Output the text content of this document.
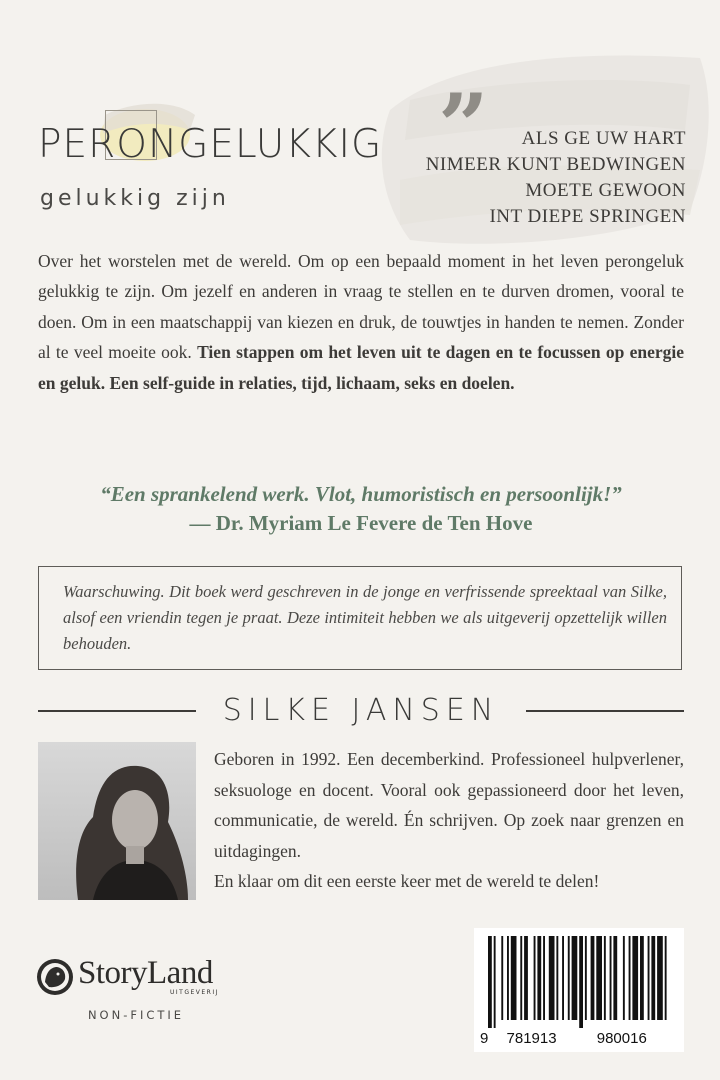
PERONGELUKKIG
gelukkig zijn
”	ALS GE UW HART
NIMEER KUNT BEDWINGEN
MOETE GEWOON
INT DIEPE SPRINGEN
Over het worstelen met de wereld. Om op een bepaald moment in het leven perongeluk gelukkig te zijn. Om jezelf en anderen in vraag te stellen en te durven dromen, vooral te doen. Om in een maatschappij van kiezen en druk, de touwtjes in handen te nemen. Zonder al te veel moeite ook. Tien stappen om het leven uit te dagen en te focussen op energie en geluk. Een self-guide in relaties, tijd, lichaam, seks en doelen.
“Een sprankelend werk. Vlot, humoristisch en persoonlijk!”
— Dr. Myriam Le Fevere de Ten Hove
Waarschuwing. Dit boek werd geschreven in de jonge en verfrissende spreektaal van Silke, alsof een vriendin tegen je praat. Deze intimiteit hebben we als uitgeverij opzettelijk willen behouden.
SILKE JANSEN
Geboren in 1992. Een decemberkind. Professioneel hulpverlener, seksuologe en docent. Vooral ook gepassioneerd door het leven, communicatie, de wereld. Én schrijven. Op zoek naar grenzen en uitdagingen.
En klaar om dit een eerste keer met de wereld te delen!
StoryLand
UITGEVERIJ
NON-FICTIE
9 781913	980016
